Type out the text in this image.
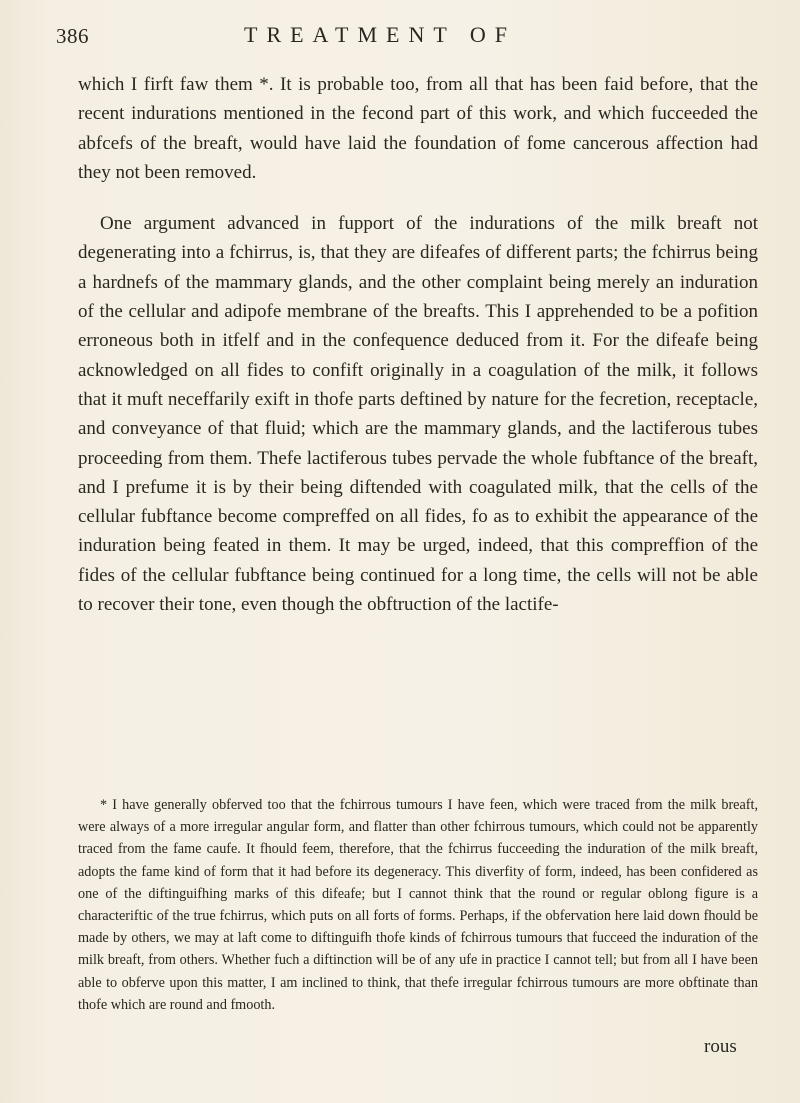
386	TREATMENT OF

which I firft faw them *. It is probable too, from all that has been faid before, that the recent indurations mentioned in the fecond part of this work, and which fucceeded the abfcefs of the breaft, would have laid the foundation of fome cancerous affection had they not been removed.

One argument advanced in fupport of the indurations of the milk breaft not degenerating into a fchirrus, is, that they are difeafes of different parts; the fchirrus being a hardnefs of the mammary glands, and the other complaint being merely an induration of the cellular and adipofe membrane of the breafts. This I apprehended to be a pofition erroneous both in itfelf and in the confequence deduced from it. For the difeafe being acknowledged on all fides to confift originally in a coagulation of the milk, it follows that it muft neceffarily exift in thofe parts deftined by nature for the fecretion, receptacle, and conveyance of that fluid; which are the mammary glands, and the lactiferous tubes proceeding from them. Thefe lactiferous tubes pervade the whole fubftance of the breaft, and I prefume it is by their being diftended with coagulated milk, that the cells of the cellular fubftance become compreffed on all fides, fo as to exhibit the appearance of the induration being feated in them. It may be urged, indeed, that this compreffion of the fides of the cellular fubftance being continued for a long time, the cells will not be able to recover their tone, even though the obftruction of the lactife-

* I have generally obferved too that the fchirrous tumours I have feen, which were traced from the milk breaft, were always of a more irregular angular form, and flatter than other fchirrous tumours, which could not be apparently traced from the fame caufe. It fhould feem, therefore, that the fchirrus fucceeding the induration of the milk breaft, adopts the fame kind of form that it had before its degeneracy. This diverfity of form, indeed, has been confidered as one of the diftinguifhing marks of this difeafe; but I cannot think that the round or regular oblong figure is a characteriftic of the true fchirrus, which puts on all forts of forms. Perhaps, if the obfervation here laid down fhould be made by others, we may at laft come to diftinguifh thofe kinds of fchirrous tumours that fucceed the induration of the milk breaft, from others. Whether fuch a diftinction will be of any ufe in practice I cannot tell; but from all I have been able to obferve upon this matter, I am inclined to think, that thefe irregular fchirrous tumours are more obftinate than thofe which are round and fmooth.
rous
